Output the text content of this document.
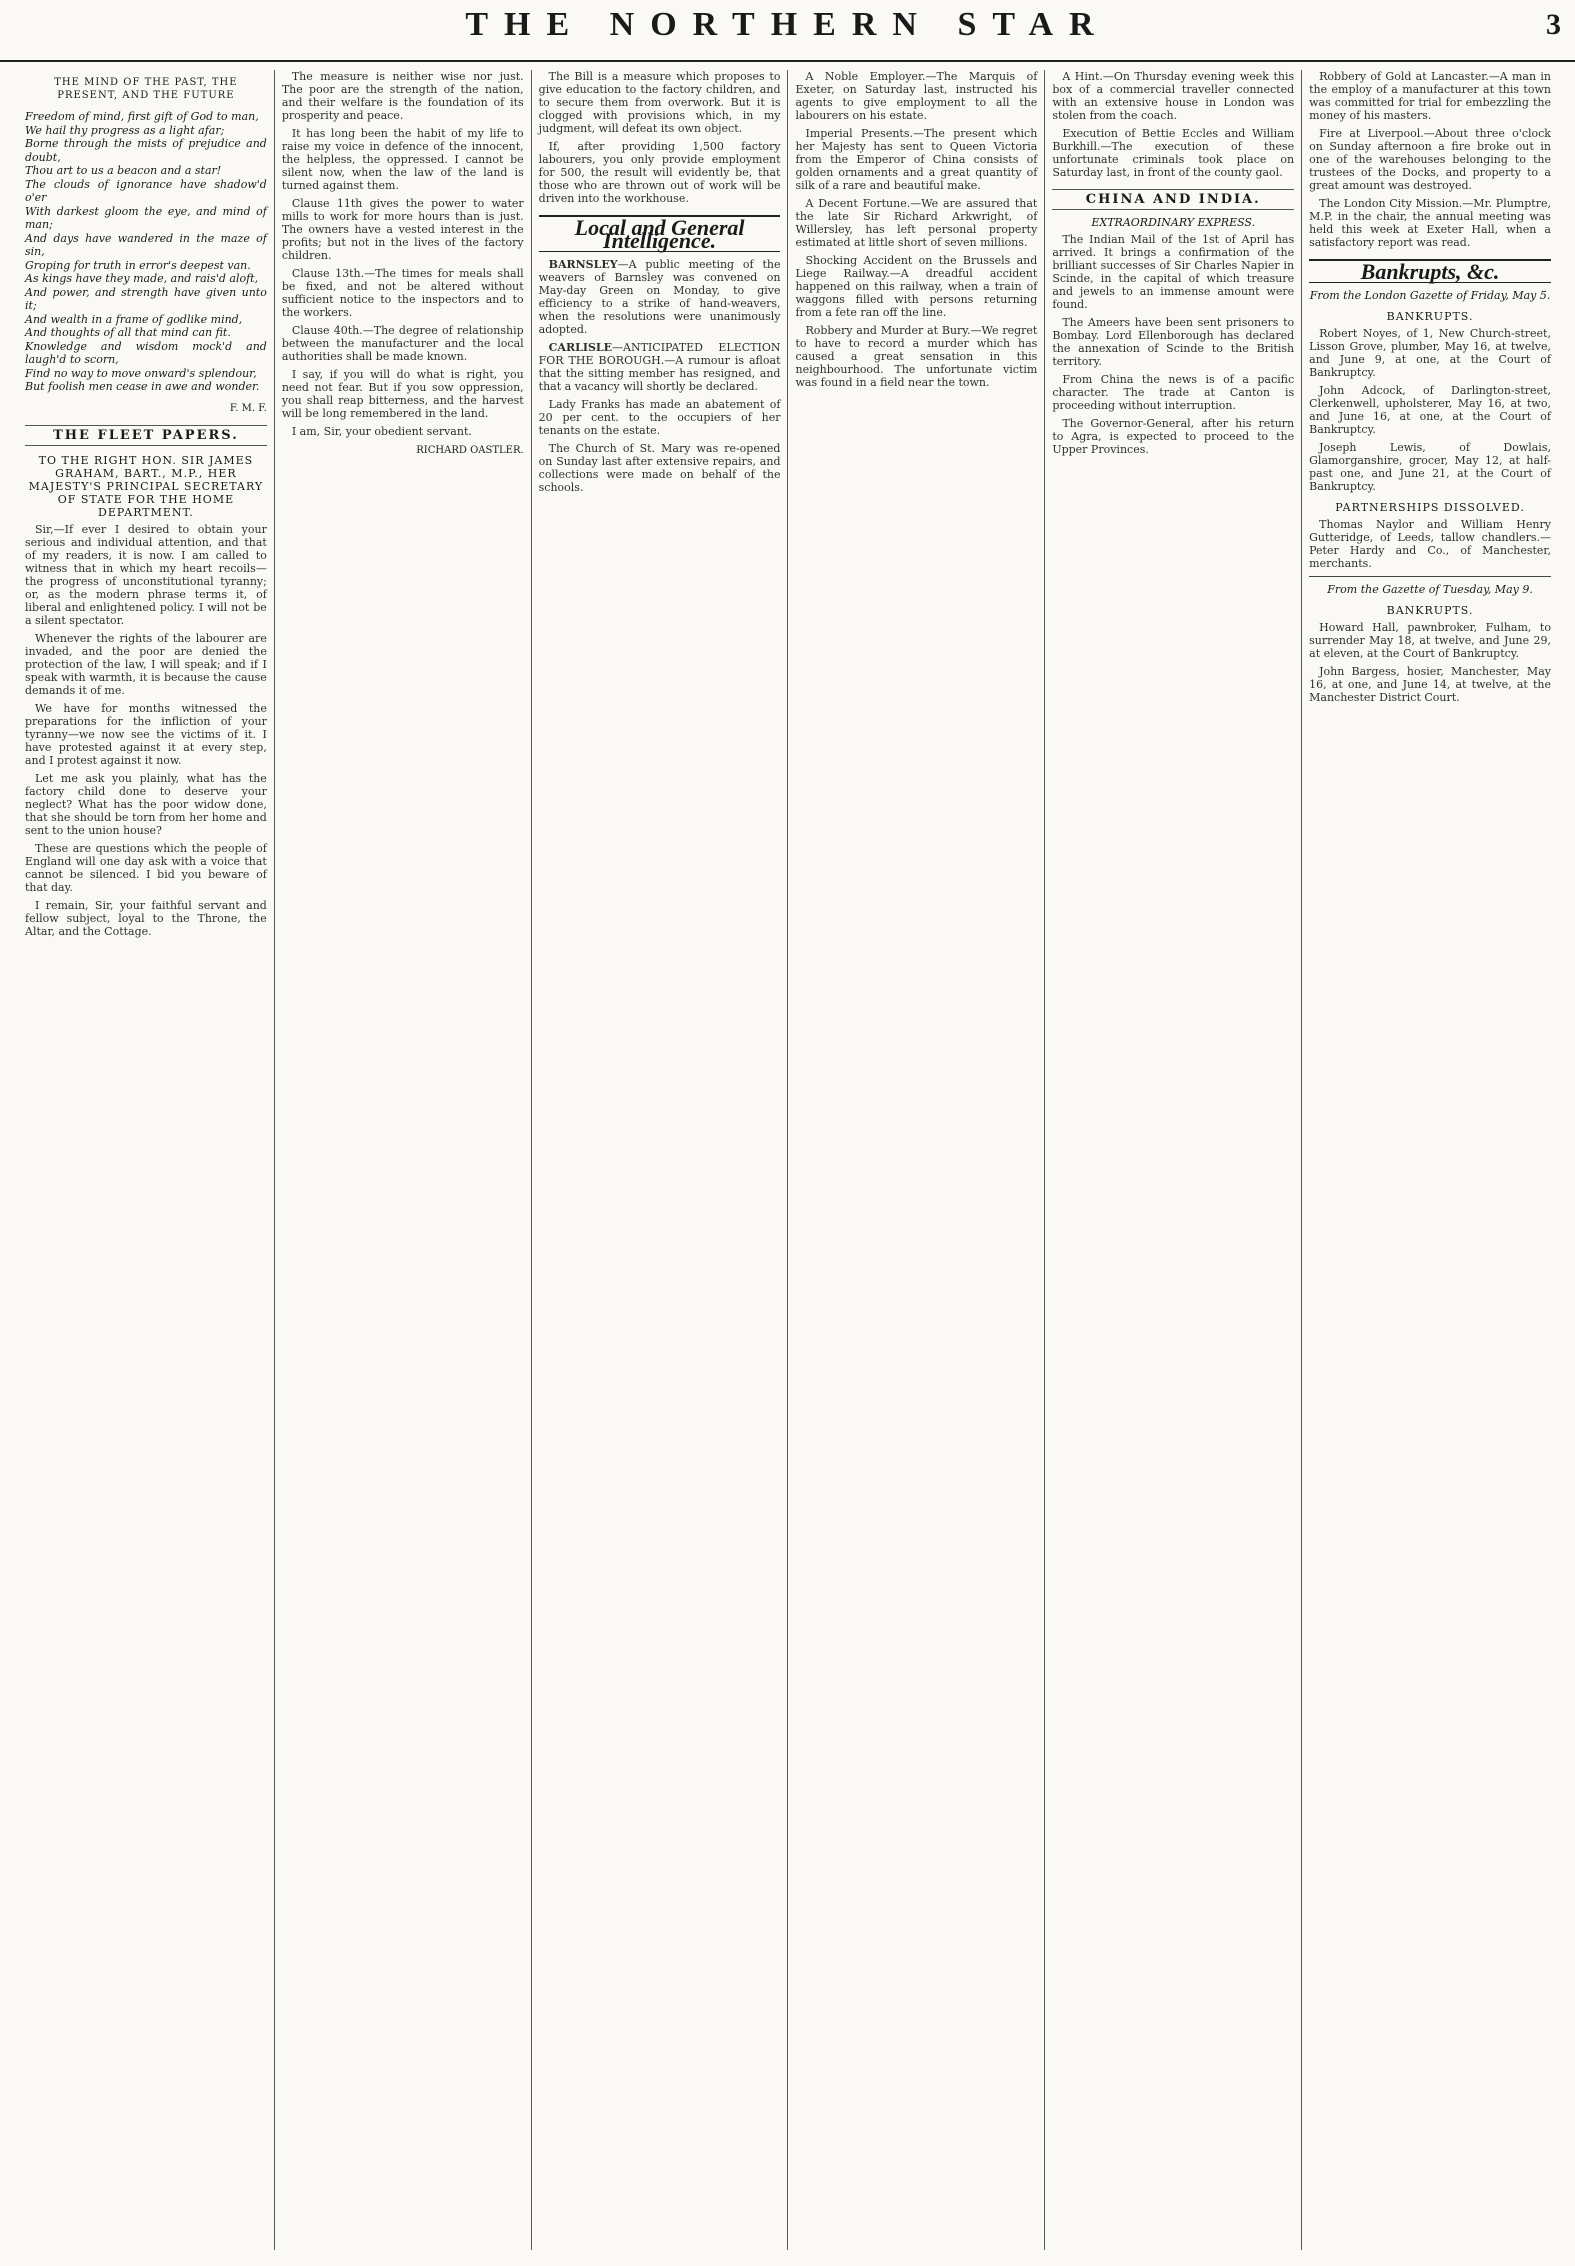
THE NORTHERN STAR	3
THE MIND OF THE PAST, THE PRESENT, AND THE FUTURE
Freedom of mind, first gift of God to man,
We hail thy progress as a light afar;
Borne through the mists of prejudice and doubt,
Thou art to us a beacon and a star!
The clouds of ignorance have shadow'd o'er
With darkest gloom the eye, and mind of man;
And days have wandered in the maze of sin,
Groping for truth in error's deepest van.
As kings have they made, and rais'd aloft,
And power, and strength have given unto it;
And wealth in a frame of godlike mind,
And thoughts of all that mind can fit.
Knowledge and wisdom mock'd and laugh'd to scorn,
Find no way to move onward's splendour,
But foolish men cease in awe and wonder.
F. M. F.
THE FLEET PAPERS.
TO THE RIGHT HON. SIR JAMES GRAHAM, BART., M.P., HER MAJESTY'S PRINCIPAL SECRETARY OF STATE FOR THE HOME DEPARTMENT.

Sir,—If ever I desired to obtain your serious and individual attention, and that of my readers, it is now. I am called to witness that in which my heart recoils—the progress of unconstitutional tyranny; or, as the modern phrase terms it, of liberal and enlightened policy. I will not be a silent spectator.

Whenever the rights of the labourer are invaded, and the poor are denied the protection of the law, I will speak; and if I speak with warmth, it is because the cause demands it of me.

We have for months witnessed the preparations for the infliction of your tyranny—we now see the victims of it. I have protested against it at every step, and I protest against it now.

Let me ask you plainly, what has the factory child done to deserve your neglect? What has the poor widow done, that she should be torn from her home and sent to the union house?

These are questions which the people of England will one day ask with a voice that cannot be silenced. I bid you beware of that day.

I remain, Sir, your faithful servant and fellow subject, loyal to the Throne, the Altar, and the Cottage.

The measure is neither wise nor just. The poor are the strength of the nation, and their welfare is the foundation of its prosperity and peace.

It has long been the habit of my life to raise my voice in defence of the innocent, the helpless, the oppressed. I cannot be silent now, when the law of the land is turned against them.

Clause 11th gives the power to water mills to work for more hours than is just. The owners have a vested interest in the profits; but not in the lives of the factory children.

Clause 13th.—The times for meals shall be fixed, and not be altered without sufficient notice to the inspectors and to the workers.

Clause 40th.—The degree of relationship between the manufacturer and the local authorities shall be made known.

I say, if you will do what is right, you need not fear. But if you sow oppression, you shall reap bitterness, and the harvest will be long remembered in the land.

I am, Sir, your obedient servant.

RICHARD OASTLER.

The Bill is a measure which proposes to give education to the factory children, and to secure them from overwork. But it is clogged with provisions which, in my judgment, will defeat its own object.

If, after providing 1,500 factory labourers, you only provide employment for 500, the result will evidently be, that those who are thrown out of work will be driven into the workhouse.

Local and General Intelligence.

BARNSLEY—A public meeting of the weavers of Barnsley was convened on May-day Green on Monday, to give efficiency to a strike of hand-weavers, when the resolutions were unanimously adopted.

CARLISLE—ANTICIPATED ELECTION FOR THE BOROUGH.—A rumour is afloat that the sitting member has resigned, and that a vacancy will shortly be declared.

Lady Franks has made an abatement of 20 per cent. to the occupiers of her tenants on the estate.

The Church of St. Mary was re-opened on Sunday last after extensive repairs, and collections were made on behalf of the schools.

A Noble Employer.—The Marquis of Exeter, on Saturday last, instructed his agents to give employment to all the labourers on his estate.

Imperial Presents.—The present which her Majesty has sent to Queen Victoria from the Emperor of China consists of golden ornaments and a great quantity of silk of a rare and beautiful make.

A Decent Fortune.—We are assured that the late Sir Richard Arkwright, of Willersley, has left personal property estimated at little short of seven millions.

Shocking Accident on the Brussels and Liege Railway.—A dreadful accident happened on this railway, when a train of waggons filled with persons returning from a fete ran off the line.

Robbery and Murder at Bury.—We regret to have to record a murder which has caused a great sensation in this neighbourhood. The unfortunate victim was found in a field near the town.

A Hint.—On Thursday evening week this box of a commercial traveller connected with an extensive house in London was stolen from the coach.

Execution of Bettie Eccles and William Burkhill.—The execution of these unfortunate criminals took place on Saturday last, in front of the county gaol.

CHINA AND INDIA.
EXTRAORDINARY EXPRESS.

The Indian Mail of the 1st of April has arrived. It brings a confirmation of the brilliant successes of Sir Charles Napier in Scinde, in the capital of which treasure and jewels to an immense amount were found.

The Ameers have been sent prisoners to Bombay. Lord Ellenborough has declared the annexation of Scinde to the British territory.

From China the news is of a pacific character. The trade at Canton is proceeding without interruption.

The Governor-General, after his return to Agra, is expected to proceed to the Upper Provinces.

Robbery of Gold at Lancaster.—A man in the employ of a manufacturer at this town was committed for trial for embezzling the money of his masters.

Fire at Liverpool.—About three o'clock on Sunday afternoon a fire broke out in one of the warehouses belonging to the trustees of the Docks, and property to a great amount was destroyed.

The London City Mission.—Mr. Plumptre, M.P. in the chair, the annual meeting was held this week at Exeter Hall, when a satisfactory report was read.

Bankrupts, &c.
From the London Gazette of Friday, May 5.
BANKRUPTS.

Robert Noyes, of 1, New Church-street, Lisson Grove, plumber, May 16, at twelve, and June 9, at one, at the Court of Bankruptcy.

John Adcock, of Darlington-street, Clerkenwell, upholsterer, May 16, at two, and June 16, at one, at the Court of Bankruptcy.

Joseph Lewis, of Dowlais, Glamorganshire, grocer, May 12, at half-past one, and June 21, at the Court of Bankruptcy.

PARTNERSHIPS DISSOLVED.

Thomas Naylor and William Henry Gutteridge, of Leeds, tallow chandlers.—Peter Hardy and Co., of Manchester, merchants.

From the Gazette of Tuesday, May 9.
BANKRUPTS.

Howard Hall, pawnbroker, Fulham, to surrender May 18, at twelve, and June 29, at eleven, at the Court of Bankruptcy.

John Bargess, hosier, Manchester, May 16, at one, and June 14, at twelve, at the Manchester District Court.
